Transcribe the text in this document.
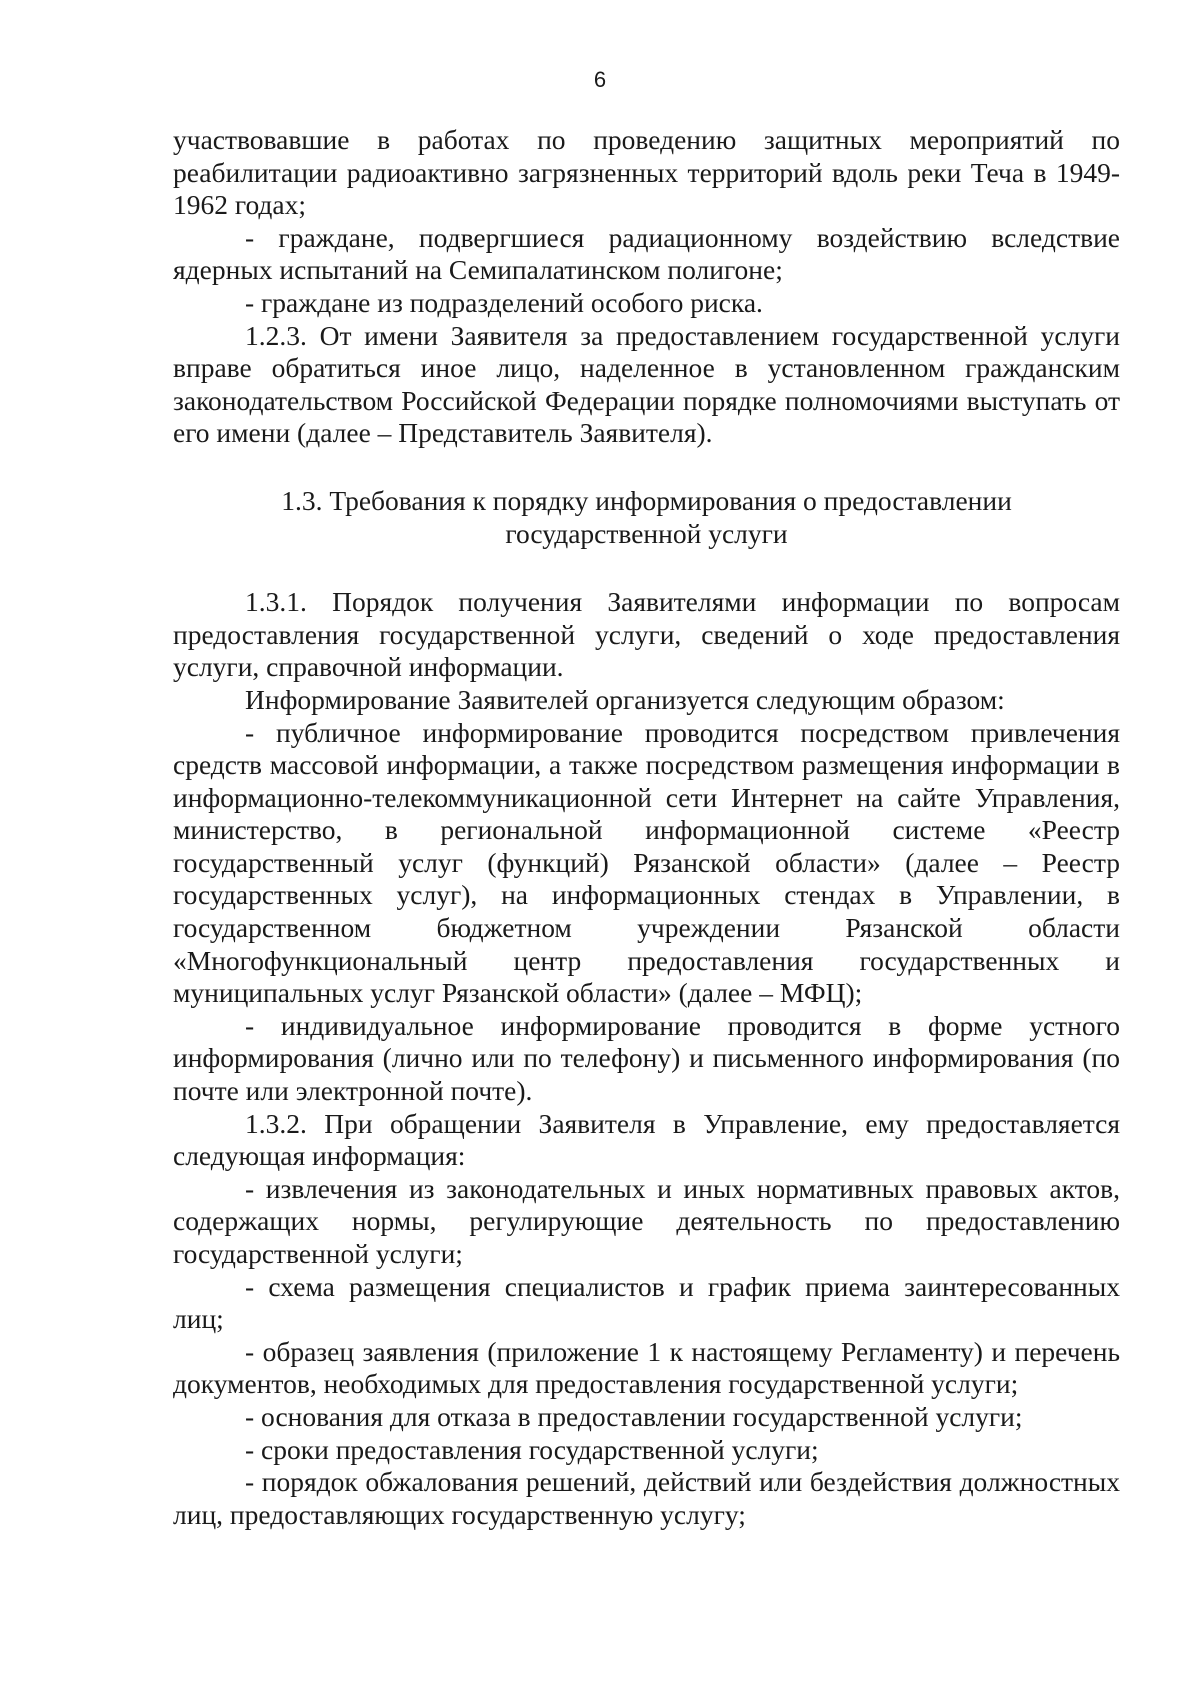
6

участвовавшие в работах по проведению защитных мероприятий по реабилитации радиоактивно загрязненных территорий вдоль реки Теча в 1949-1962 годах;

- граждане, подвергшиеся радиационному воздействию вследствие ядерных испытаний на Семипалатинском полигоне;

- граждане из подразделений особого риска.

1.2.3. От имени Заявителя за предоставлением государственной услуги вправе обратиться иное лицо, наделенное в установленном гражданским законодательством Российской Федерации порядке полномочиями выступать от его имени (далее – Представитель Заявителя).

1.3. Требования к порядку информирования о предоставлении
государственной услуги

1.3.1. Порядок получения Заявителями информации по вопросам предоставления государственной услуги, сведений о ходе предоставления услуги, справочной информации.

Информирование Заявителей организуется следующим образом:

- публичное информирование проводится посредством привлечения средств массовой информации, а также посредством размещения информации в информационно-телекоммуникационной сети Интернет на сайте Управления, министерство, в региональной информационной системе «Реестр государственный услуг (функций) Рязанской области» (далее – Реестр государственных услуг), на информационных стендах в Управлении, в государственном бюджетном учреждении Рязанской области «Многофункциональный центр предоставления государственных и муниципальных услуг Рязанской области» (далее – МФЦ);

- индивидуальное информирование проводится в форме устного информирования (лично или по телефону) и письменного информирования (по почте или электронной почте).

1.3.2. При обращении Заявителя в Управление, ему предоставляется следующая информация:

- извлечения из законодательных и иных нормативных правовых актов, содержащих нормы, регулирующие деятельность по предоставлению государственной услуги;

- схема размещения специалистов и график приема заинтересованных лиц;

- образец заявления (приложение 1 к настоящему Регламенту) и перечень документов, необходимых для предоставления государственной услуги;

- основания для отказа в предоставлении государственной услуги;

- сроки предоставления государственной услуги;

- порядок обжалования решений, действий или бездействия должностных лиц, предоставляющих государственную услугу;
